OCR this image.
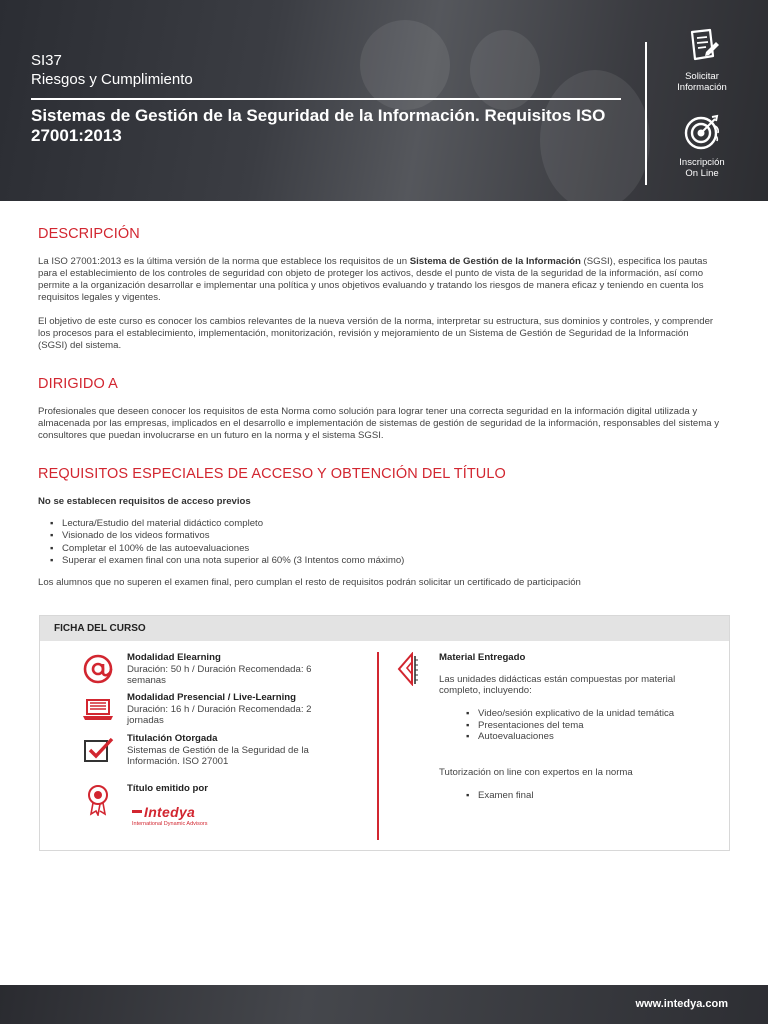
SI37
Riesgos y Cumplimiento
Sistemas de Gestión de la Seguridad de la Información. Requisitos ISO 27001:2013
Solicitar
Información
Inscripción
On Line
DESCRIPCIÓN
La ISO 27001:2013 es la última versión de la norma que establece los requisitos de un Sistema de Gestión de la Información (SGSI), especifica los pautas para el establecimiento de los controles de seguridad con objeto de proteger los activos, desde el punto de vista de la seguridad de la información, así como permite a la organización desarrollar e implementar una política y unos objetivos evaluando y tratando los riesgos de manera eficaz y teniendo en cuenta los requisitos legales y vigentes.
El objetivo de este curso es conocer los cambios relevantes de la nueva versión de la norma, interpretar su estructura, sus dominios y controles, y comprender los procesos para el establecimiento, implementación, monitorización, revisión y mejoramiento de un Sistema de Gestión de Seguridad de la Información (SGSI) del sistema.
DIRIGIDO A
Profesionales que deseen conocer los requisitos de esta Norma como solución para lograr tener una correcta seguridad en la información digital utilizada y almacenada por las empresas, implicados en el desarrollo e implementación de sistemas de gestión de seguridad de la información, responsables del sistema y consultores que puedan involucrarse en un futuro en la norma y el sistema SGSI.
REQUISITOS ESPECIALES DE ACCESO Y OBTENCIÓN DEL TÍTULO
No se establecen requisitos de acceso previos
▪ Lectura/Estudio del material didáctico completo
▪ Visionado de los videos formativos
▪ Completar el 100% de las autoevaluaciones
▪ Superar el examen final con una nota superior al 60% (3 Intentos como máximo)
Los alumnos que no superen el examen final, pero cumplan el resto de requisitos podrán solicitar un certificado de participación
FICHA DEL CURSO
Modalidad Elearning
Duración: 50 h / Duración Recomendada: 6 semanas
Modalidad Presencial / Live-Learning
Duración: 16 h / Duración Recomendada: 2 jornadas
Titulación Otorgada
Sistemas de Gestión de la Seguridad de la Información. ISO 27001
Título emitido por
Intedya
International Dynamic Advisors
Material Entregado
Las unidades didácticas están compuestas por material completo, incluyendo:
▪ Video/sesión explicativo de la unidad temática
▪ Presentaciones del tema
▪ Autoevaluaciones
Tutorización on line con expertos en la norma
▪ Examen final
www.intedya.com
